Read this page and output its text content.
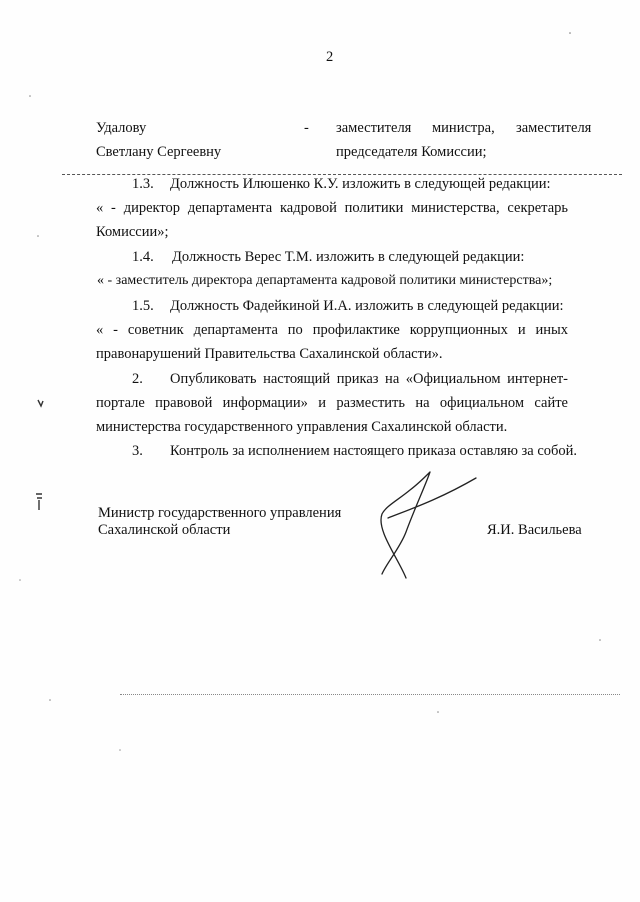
2
Удалову
Светлану Сергеевну
- заместителя министра, заместителя
председателя Комиссии;
1.3. Должность Илюшенко К.У. изложить в следующей редакции:
« - директор департамента кадровой политики министерства, секретарь
Комиссии»;
1.4. Должность Верес Т.М. изложить в следующей редакции:
« - заместитель директора департамента кадровой политики министерства»;
1.5. Должность Фадейкиной И.А. изложить в следующей редакции:
« - советник департамента по профилактике коррупционных и иных
правонарушений Правительства Сахалинской области».
2. Опубликовать настоящий приказ на «Официальном интернет-
портале правовой информации» и разместить на официальном сайте
министерства государственного управления Сахалинской области.
3. Контроль за исполнением настоящего приказа оставляю за собой.
Министр государственного управления
Сахалинской области	Я.И. Васильева
